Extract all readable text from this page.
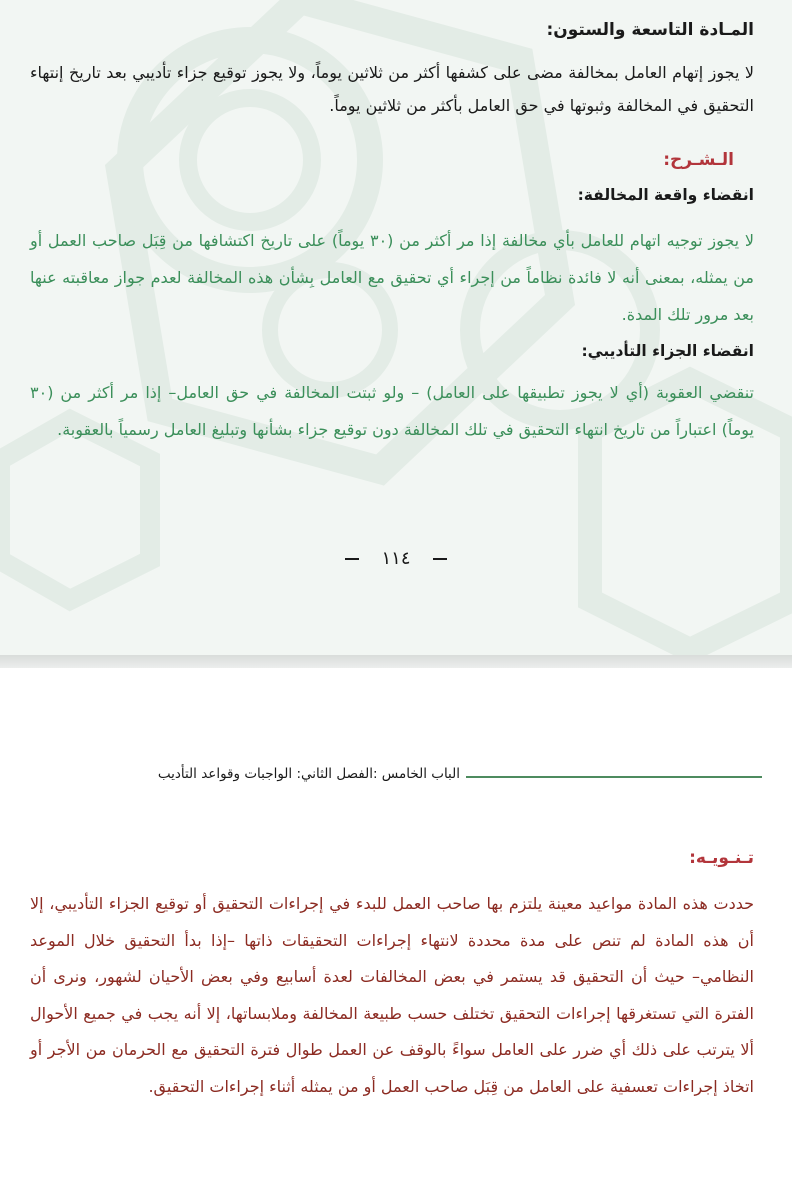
المـادة التاسعة والستون:
لا يجوز إتهام العامل بمخالفة مضى على كشفها أكثر من ثلاثين يوماً، ولا يجوز توقيع جزاء تأديبي بعد تاريخ إنتهاء التحقيق في المخالفة وثبوتها في حق العامل بأكثر من ثلاثين يوماً.
الـشـرح:
انقضاء واقعة المخالفة:
لا يجوز توجيه اتهام للعامل بأي مخالفة إذا مر أكثر من (٣٠ يوماً) على تاريخ اكتشافها من قِبَل صاحب العمل أو من يمثله، بمعنى أنه لا فائدة نظاماً من إجراء أي تحقيق مع العامل بِشأن هذه المخالفة لعدم جواز معاقبته عنها بعد مرور تلك المدة.
انقضاء الجزاء التأديبي:
تنقضي العقوبة (أي لا يجوز تطبيقها على العامل) – ولو ثبتت المخالفة في حق العامل– إذا مر أكثر من (٣٠ يوماً) اعتباراً من تاريخ انتهاء التحقيق في تلك المخالفة دون توقيع جزاء بشأنها وتبليغ العامل رسمياً بالعقوبة.
١١٤
الباب الخامس :الفصل الثاني: الواجبات وقواعد التأديب
تـنـويـه:
حددت هذه المادة مواعيد معينة يلتزم بها صاحب العمل للبدء في إجراءات التحقيق أو توقيع الجزاء التأديبي، إلا أن هذه المادة لم تنص على مدة محددة لانتهاء إجراءات التحقيقات ذاتها –إذا بدأ التحقيق خلال الموعد النظامي– حيث أن التحقيق قد يستمر في بعض المخالفات لعدة أسابيع وفي بعض الأحيان لشهور، ونرى أن الفترة التي تستغرقها إجراءات التحقيق تختلف حسب طبيعة المخالفة وملابساتها، إلا أنه يجب في جميع الأحوال ألا يترتب على ذلك أي ضرر على العامل سواءً بالوقف عن العمل طوال فترة التحقيق مع الحرمان من الأجر أو اتخاذ إجراءات تعسفية على العامل من قِبَل صاحب العمل أو من يمثله أثناء إجراءات التحقيق.
